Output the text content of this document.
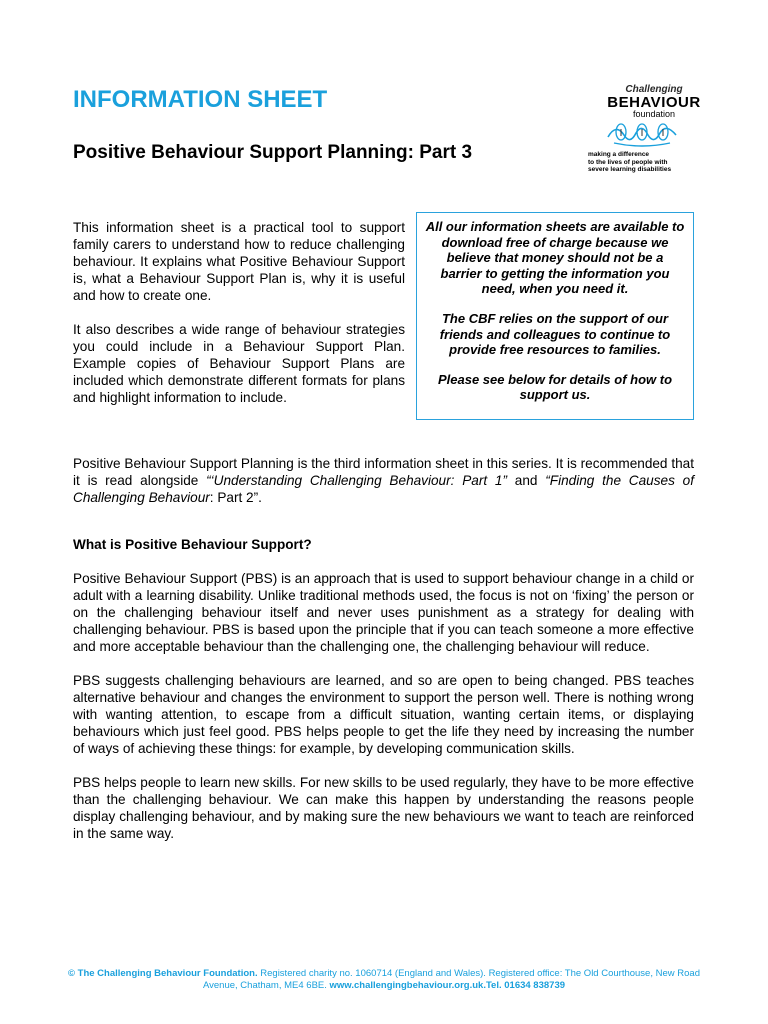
INFORMATION SHEET
Positive Behaviour Support Planning: Part 3
Challenging
BEHAVIOUR
foundation
making a difference
to the lives of people with
severe learning disabilities

This information sheet is a practical tool to support family carers to understand how to reduce challenging behaviour. It explains what Positive Behaviour Support is, what a Behaviour Support Plan is, why it is useful and how to create one.

It also describes a wide range of behaviour strategies you could include in a Behaviour Support Plan. Example copies of Behaviour Support Plans are included which demonstrate different formats for plans and highlight information to include.

All our information sheets are available to download free of charge because we believe that money should not be a barrier to getting the information you need, when you need it.

The CBF relies on the support of our friends and colleagues to continue to provide free resources to families.

Please see below for details of how to support us.

Positive Behaviour Support Planning is the third information sheet in this series. It is recommended that it is read alongside “‘Understanding Challenging Behaviour: Part 1” and “Finding the Causes of Challenging Behaviour: Part 2”.

What is Positive Behaviour Support?

Positive Behaviour Support (PBS) is an approach that is used to support behaviour change in a child or adult with a learning disability. Unlike traditional methods used, the focus is not on ‘fixing’ the person or on the challenging behaviour itself and never uses punishment as a strategy for dealing with challenging behaviour. PBS is based upon the principle that if you can teach someone a more effective and more acceptable behaviour than the challenging one, the challenging behaviour will reduce.

PBS suggests challenging behaviours are learned, and so are open to being changed. PBS teaches alternative behaviour and changes the environment to support the person well. There is nothing wrong with wanting attention, to escape from a difficult situation, wanting certain items, or displaying behaviours which just feel good. PBS helps people to get the life they need by increasing the number of ways of achieving these things: for example, by developing communication skills.

PBS helps people to learn new skills. For new skills to be used regularly, they have to be more effective than the challenging behaviour. We can make this happen by understanding the reasons people display challenging behaviour, and by making sure the new behaviours we want to teach are reinforced in the same way.

© The Challenging Behaviour Foundation. Registered charity no. 1060714 (England and Wales). Registered office: The Old Courthouse, New Road Avenue, Chatham, ME4 6BE. www.challengingbehaviour.org.uk.Tel. 01634 838739
